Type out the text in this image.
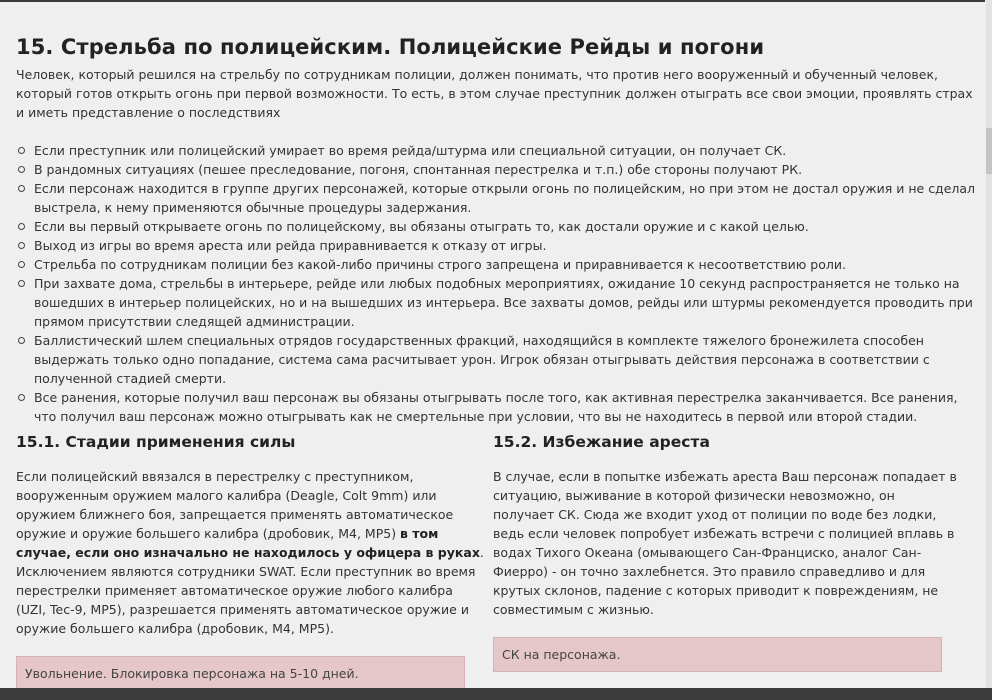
15. Стрельба по полицейским. Полицейские Рейды и погони

Человек, который решился на стрельбу по сотрудникам полиции, должен понимать, что против него вооруженный и обученный человек, который готов открыть огонь при первой возможности. То есть, в этом случае преступник должен отыграть все свои эмоции, проявлять страх и иметь представление о последствиях

Если преступник или полицейский умирает во время рейда/штурма или специальной ситуации, он получает СК.
В рандомных ситуациях (пешее преследование, погоня, спонтанная перестрелка и т.п.) обе стороны получают РК.
Если персонаж находится в группе других персонажей, которые открыли огонь по полицейским, но при этом не достал оружия и не сделал выстрела, к нему применяются обычные процедуры задержания.
Если вы первый открываете огонь по полицейскому, вы обязаны отыграть то, как достали оружие и с какой целью.
Выход из игры во время ареста или рейда приравнивается к отказу от игры.
Стрельба по сотрудникам полиции без какой-либо причины строго запрещена и приравнивается к несоответствию роли.
При захвате дома, стрельбы в интерьере, рейде или любых подобных мероприятиях, ожидание 10 секунд распространяется не только на вошедших в интерьер полицейских, но и на вышедших из интерьера. Все захваты домов, рейды или штурмы рекомендуется проводить при прямом присутствии следящей администрации.
Баллистический шлем специальных отрядов государственных фракций, находящийся в комплекте тяжелого бронежилета способен выдержать только одно попадание, система сама расчитывает урон. Игрок обязан отыгрывать действия персонажа в соответствии с полученной стадией смерти.
Все ранения, которые получил ваш персонаж вы обязаны отыгрывать после того, как активная перестрелка заканчивается. Все ранения, что получил ваш персонаж можно отыгрывать как не смертельные при условии, что вы не находитесь в первой или второй стадии.
15.1. Стадии применения силы

Если полицейский ввязался в перестрелку с преступником, вооруженным оружием малого калибра (Deagle, Colt 9mm) или оружием ближнего боя, запрещается применять автоматическое оружие и оружие большего калибра (дробовик, M4, MP5) в том случае, если оно изначально не находилось у офицера в руках. Исключением являются сотрудники SWAT. Если преступник во время перестрелки применяет автоматическое оружие любого калибра (UZI, Tec-9, MP5), разрешается применять автоматическое оружие и оружие большего калибра (дробовик, M4, MP5).

Увольнение. Блокировка персонажа на 5-10 дней.
15.2. Избежание ареста

В случае, если в попытке избежать ареста Ваш персонаж попадает в ситуацию, выживание в которой физически невозможно, он получает СК. Сюда же входит уход от полиции по воде без лодки, ведь если человек попробует избежать встречи с полицией вплавь в водах Тихого Океана (омывающего Сан-Франциско, аналог Сан-Фиерро) - он точно захлебнется. Это правило справедливо и для крутых склонов, падение с которых приводит к повреждениям, не совместимым с жизнью.

СК на персонажа.
